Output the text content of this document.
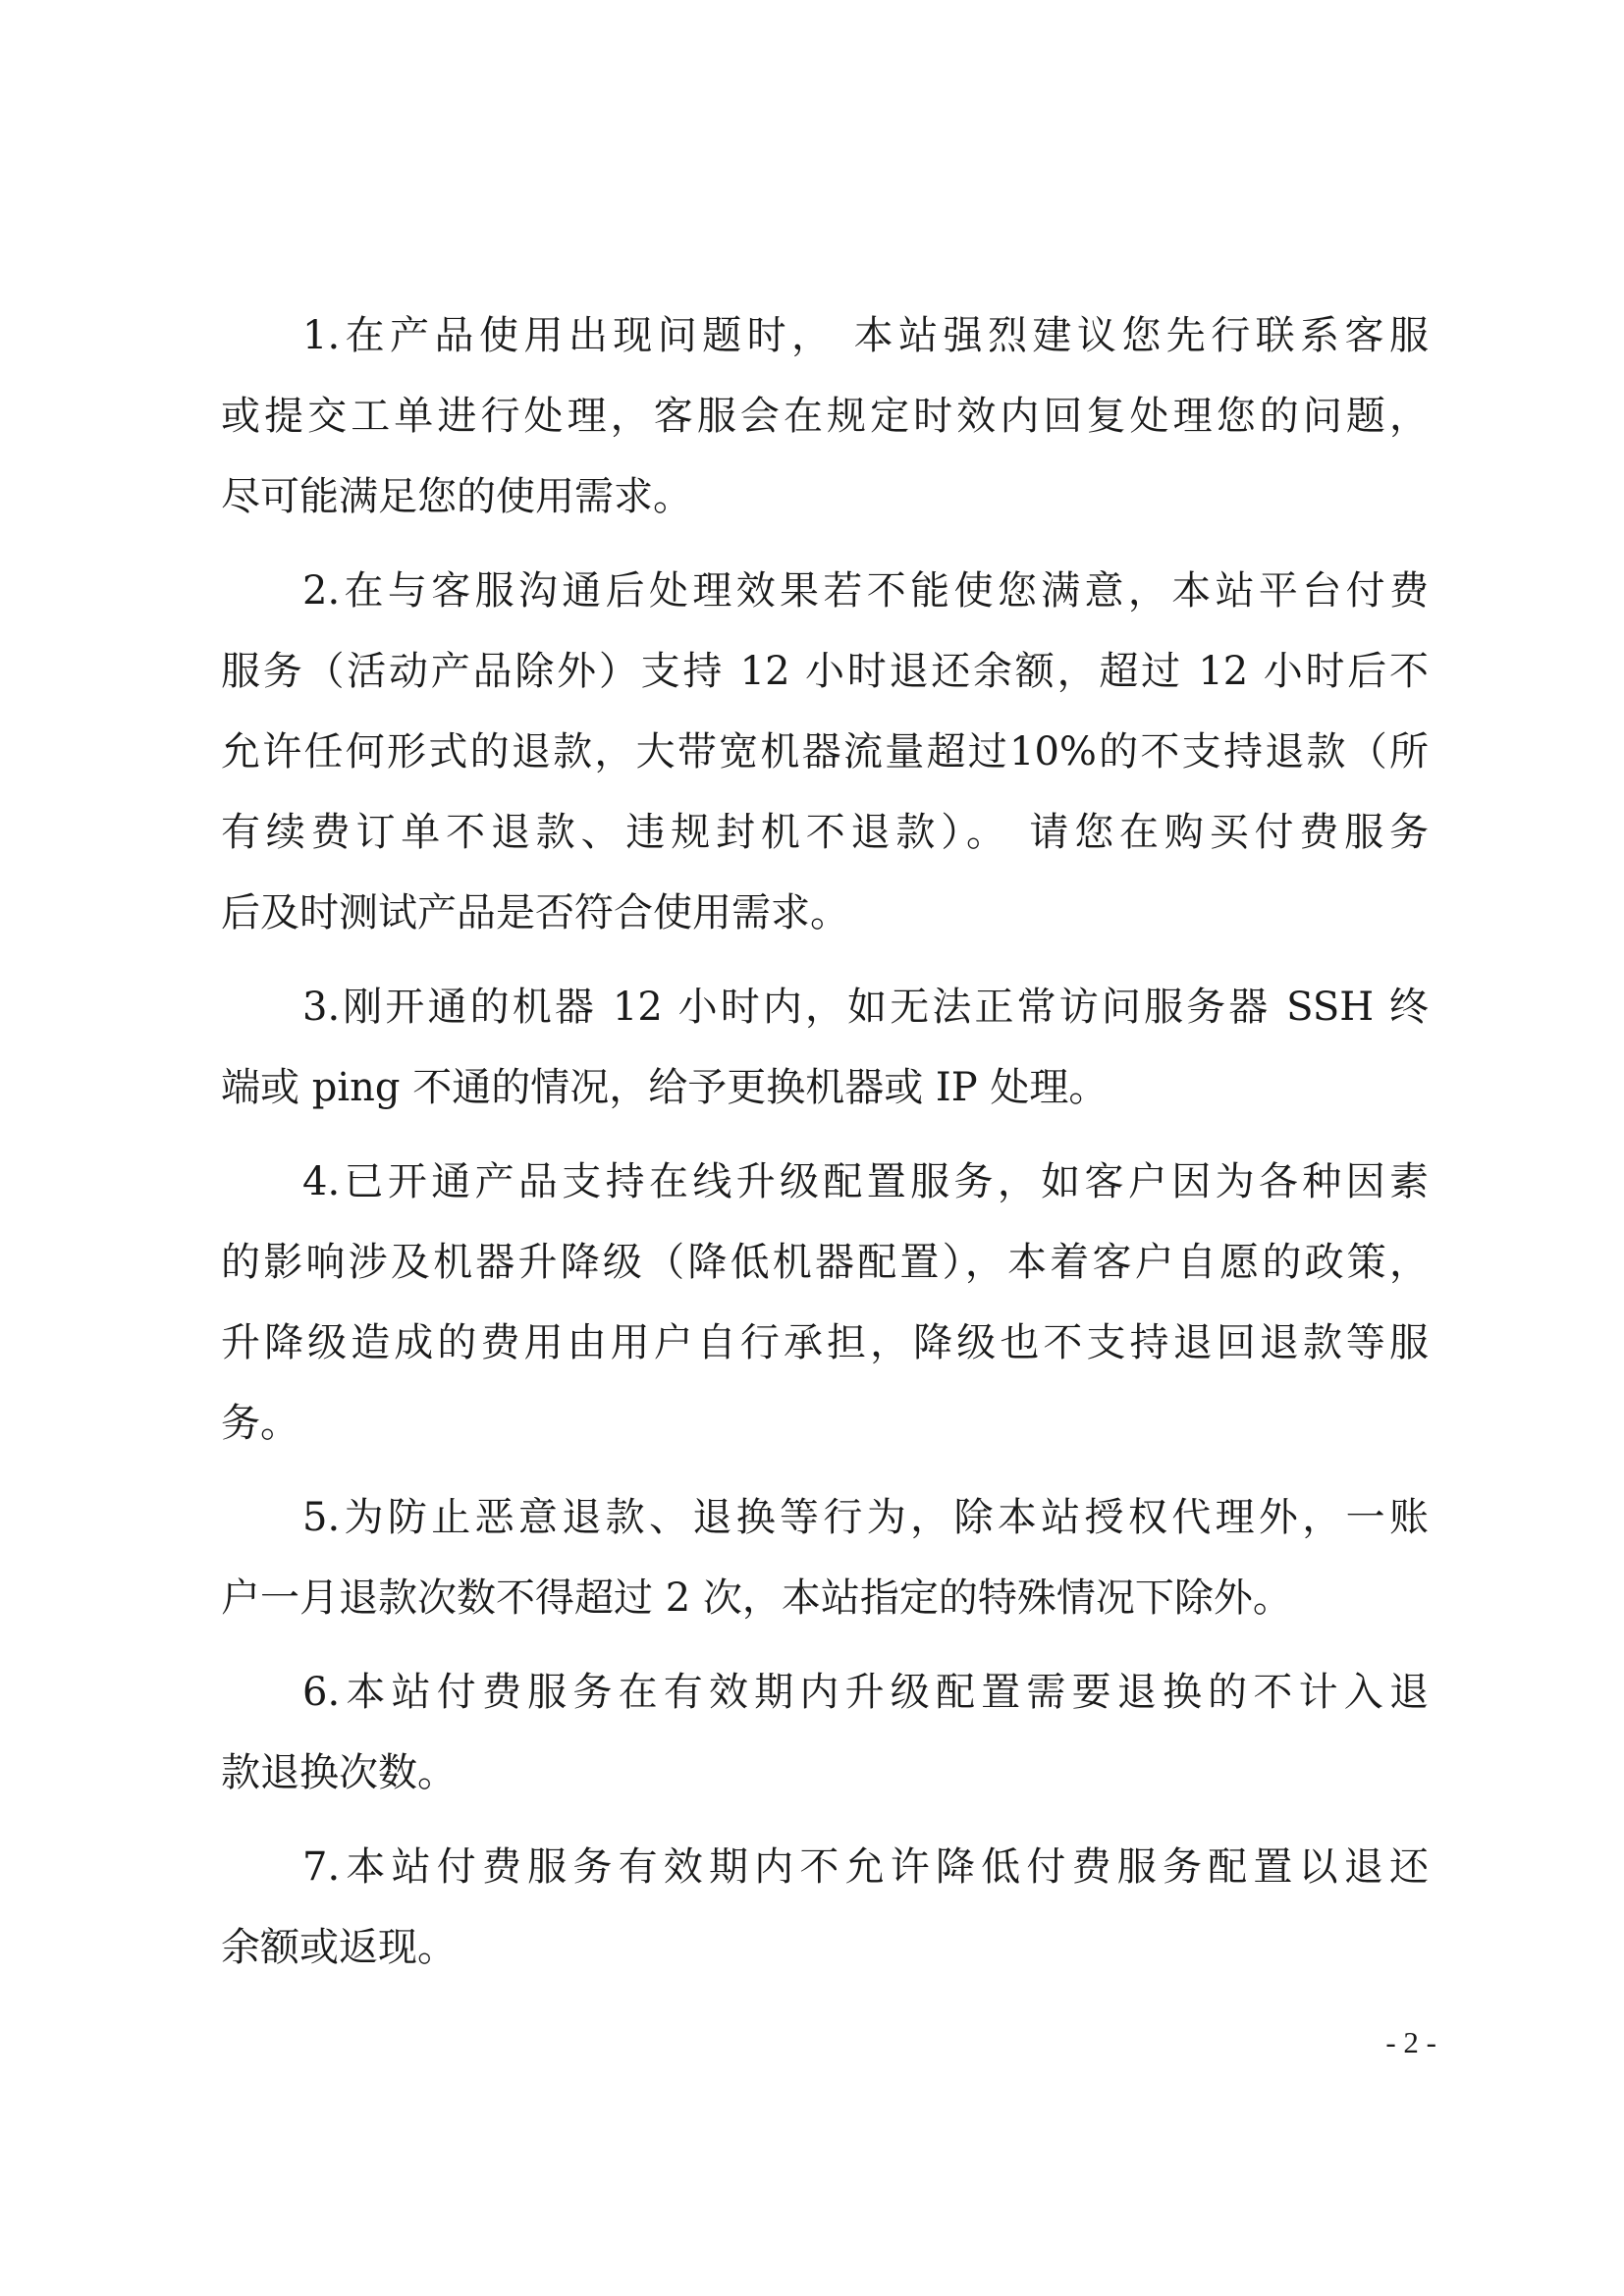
1.在产品使用出现问题时， 本站强烈建议您先行联系客服
或提交工单进行处理，客服会在规定时效内回复处理您的问题，
尽可能满足您的使用需求。
2.在与客服沟通后处理效果若不能使您满意，本站平台付费
服务（活动产品除外）支持 12 小时退还余额，超过 12 小时后不
允许任何形式的退款，大带宽机器流量超过10%的不支持退款（所
有续费订单不退款、违规封机不退款）。 请您在购买付费服务
后及时测试产品是否符合使用需求。
3.刚开通的机器 12 小时内，如无法正常访问服务器 SSH 终
端或 ping 不通的情况，给予更换机器或 IP 处理。
4.已开通产品支持在线升级配置服务，如客户因为各种因素
的影响涉及机器升降级（降低机器配置），本着客户自愿的政策，
升降级造成的费用由用户自行承担，降级也不支持退回退款等服
务。
5.为防止恶意退款、退换等行为，除本站授权代理外，一账
户一月退款次数不得超过 2 次，本站指定的特殊情况下除外。
6.本站付费服务在有效期内升级配置需要退换的不计入退
款退换次数。
7.本站付费服务有效期内不允许降低付费服务配置以退还
余额或返现。
- 2 -
